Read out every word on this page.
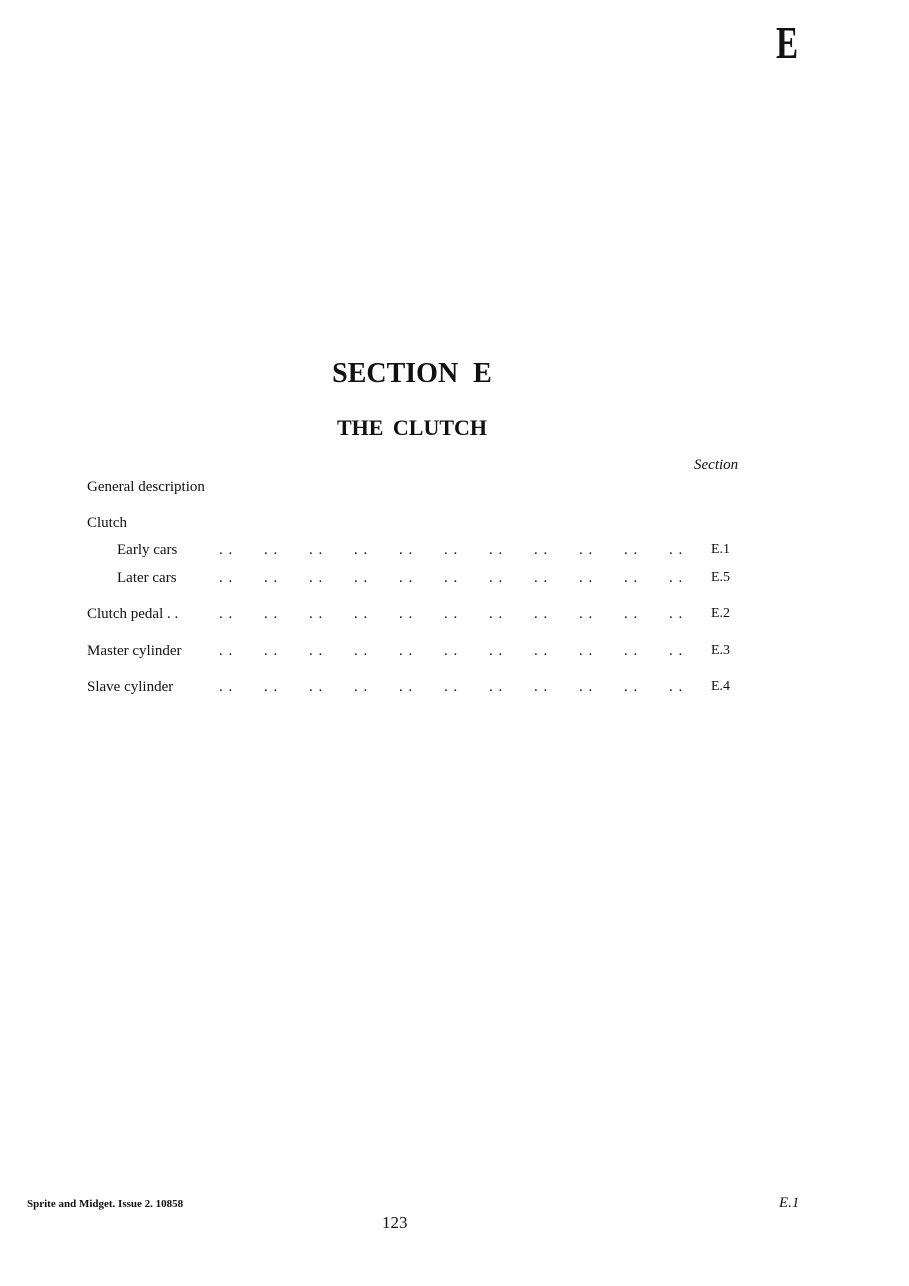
E
SECTION E
THE CLUTCH
Section
General description
Clutch
Early cars	. . . . . . . . . . . . . . . . . . . . . . E.1
Later cars	. . . . . . . . . . . . . . . . . . . . . . E.5
Clutch pedal . .	. . . . . . . . . . . . . . . . . . . . . . E.2
Master cylinder . . . . . . . . . . . . . . . . . . . . . . E.3
Slave cylinder	. . . . . . . . . . . . . . . . . . . . . . E.4
Sprite and Midget. Issue 2. 10858	E.1
123
